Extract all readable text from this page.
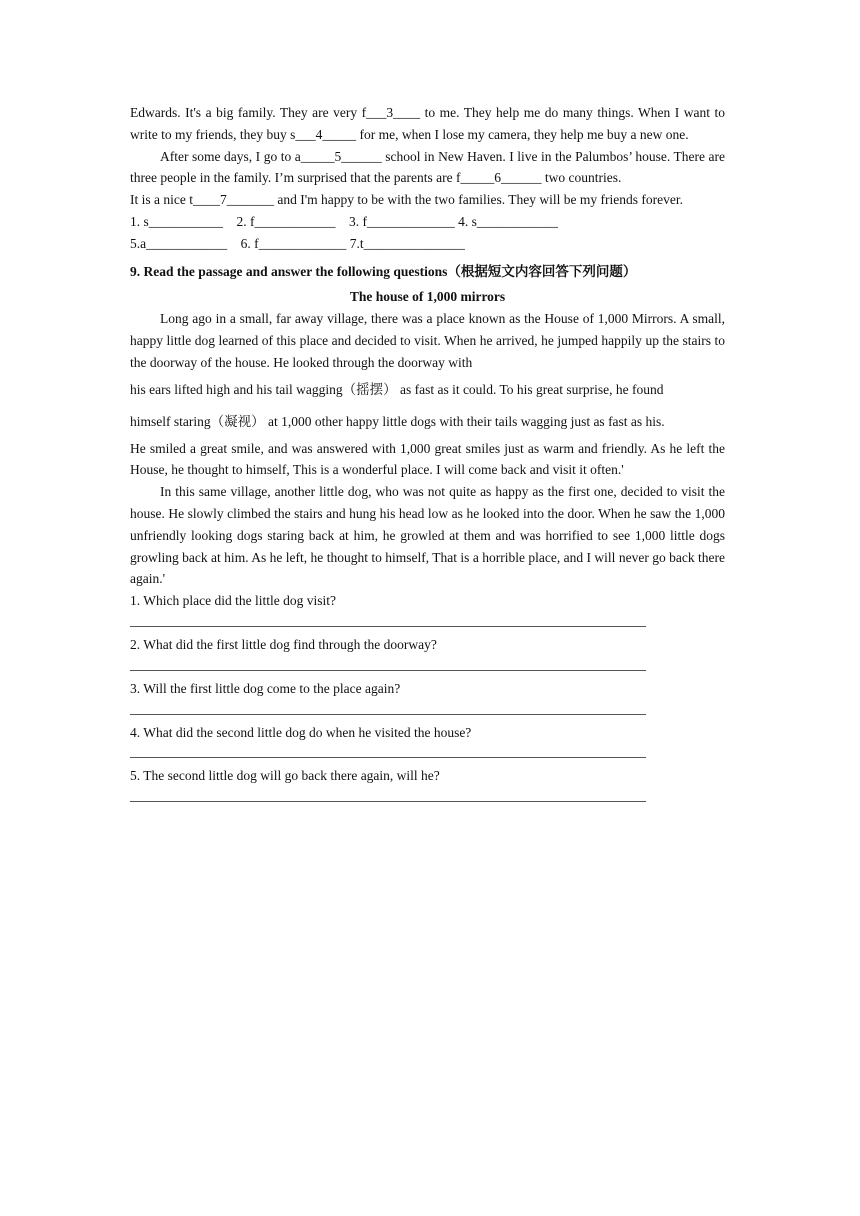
Edwards. It's a big family. They are very f___3____ to me. They help me do many things. When I want to write to my friends, they buy s___4_____ for me, when I lose my camera, they help me buy a new one.

After some days, I go to a_____5______ school in New Haven. I live in the Palumbos’ house. There are three people in the family. I’m surprised that the parents are f_____6______ two countries.

It is a nice t____7_______ and I'm happy to be with the two families. They will be my friends forever.

1. s___________    2. f____________    3. f_____________ 4. s____________
5.a____________    6. f_____________ 7.t_______________
9. Read the passage and answer the following questions（根据短文内容回答下列问题）
The house of 1,000 mirrors

Long ago in a small, far away village, there was a place known as the House of 1,000 Mirrors. A small, happy little dog learned of this place and decided to visit. When he arrived, he jumped happily up the stairs to the doorway of the house. He looked through the doorway with

his ears lifted high and his tail wagging（摇摆） as fast as it could. To his great surprise, he found

himself staring（凝视） at 1,000 other happy little dogs with their tails wagging just as fast as his.

He smiled a great smile, and was answered with 1,000 great smiles just as warm and friendly. As he left the House, he thought to himself, This is a wonderful place. I will come back and visit it often.'

In this same village, another little dog, who was not quite as happy as the first one, decided to visit the house. He slowly climbed the stairs and hung his head low as he looked into the door. When he saw the 1,000 unfriendly looking dogs staring back at him, he growled at them and was horrified to see 1,000 little dogs growling back at him. As he left, he thought to himself, That is a horrible place, and I will never go back there again.'

1. Which place did the little dog visit?
2. What did the first little dog find through the doorway?
3. Will the first little dog come to the place again?
4. What did the second little dog do when he visited the house?
5. The second little dog will go back there again, will he?
